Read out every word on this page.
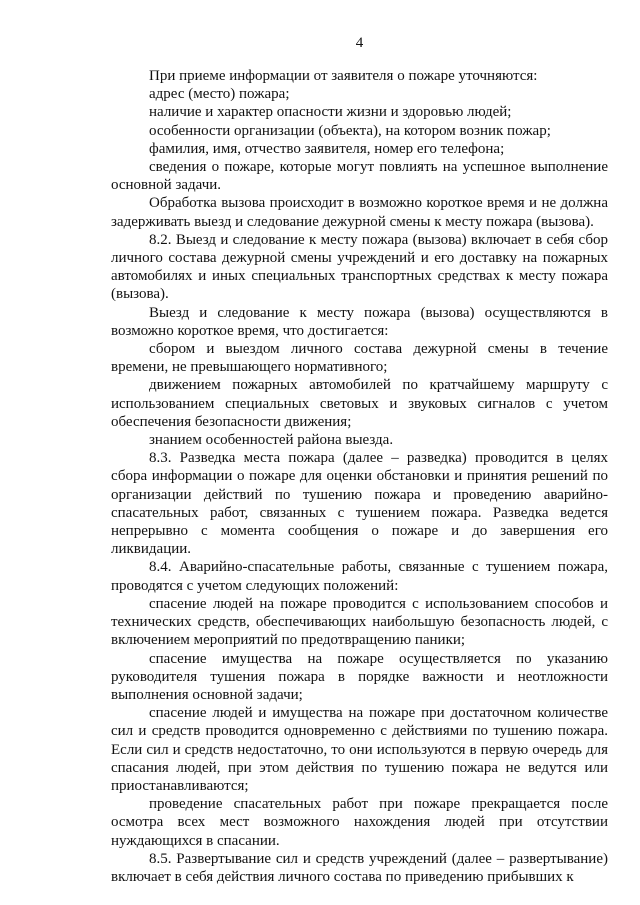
4

При приеме информации от заявителя о пожаре уточняются:

адрес (место) пожара;

наличие и характер опасности жизни и здоровью людей;

особенности организации (объекта), на котором возник пожар;

фамилия, имя, отчество заявителя, номер его телефона;

сведения о пожаре, которые могут повлиять на успешное выполнение основной задачи.

Обработка вызова происходит в возможно короткое время и не должна задерживать выезд и следование дежурной смены к месту пожара (вызова).

8.2. Выезд и следование к месту пожара (вызова) включает в себя сбор личного состава дежурной смены учреждений и его доставку на пожарных автомобилях и иных специальных транспортных средствах к месту пожара (вызова).

Выезд и следование к месту пожара (вызова) осуществляются в возможно короткое время, что достигается:

сбором и выездом личного состава дежурной смены в течение времени, не превышающего нормативного;

движением пожарных автомобилей по кратчайшему маршруту с использованием специальных световых и звуковых сигналов с учетом обеспечения безопасности движения;

знанием особенностей района выезда.

8.3. Разведка места пожара (далее – разведка) проводится в целях сбора информации о пожаре для оценки обстановки и принятия решений по организации действий по тушению пожара и проведению аварийно-спасательных работ, связанных с тушением пожара. Разведка ведется непрерывно с момента сообщения о пожаре и до завершения его ликвидации.

8.4. Аварийно-спасательные работы, связанные с тушением пожара, проводятся с учетом следующих положений:

спасение людей на пожаре проводится с использованием способов и технических средств, обеспечивающих наибольшую безопасность людей, с включением мероприятий по предотвращению паники;

спасение имущества на пожаре осуществляется по указанию руководителя тушения пожара в порядке важности и неотложности выполнения основной задачи;

спасение людей и имущества на пожаре при достаточном количестве сил и средств проводится одновременно с действиями по тушению пожара. Если сил и средств недостаточно, то они используются в первую очередь для спасания людей, при этом действия по тушению пожара не ведутся или приостанавливаются;

проведение спасательных работ при пожаре прекращается после осмотра всех мест возможного нахождения людей при отсутствии нуждающихся в спасании.

8.5. Развертывание сил и средств учреждений (далее – развертывание) включает в себя действия личного состава по приведению прибывших к
